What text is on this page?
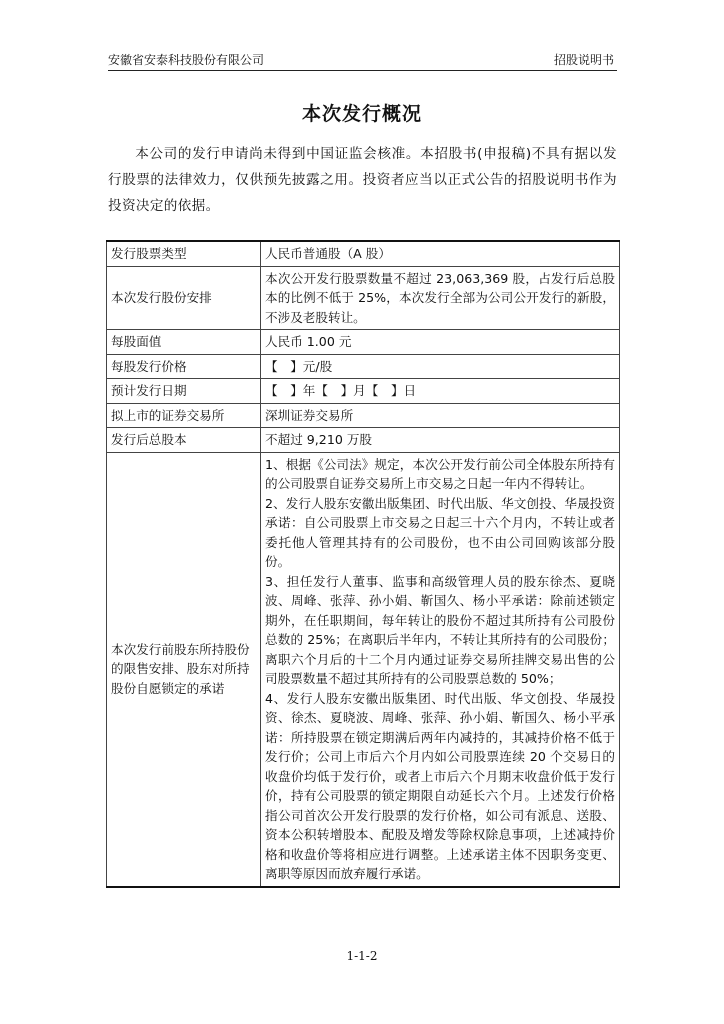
安徽省安泰科技股份有限公司	招股说明书
本次发行概况

本公司的发行申请尚未得到中国证监会核准。本招股书(申报稿)不具有据以发行股票的法律效力，仅供预先披露之用。投资者应当以正式公告的招股说明书作为投资决定的依据。

发行股票类型	人民币普通股（A 股）
本次发行股份安排	本次公开发行股票数量不超过 23,063,369 股，占发行后总股本的比例不低于 25%，本次发行全部为公司公开发行的新股，不涉及老股转让。
每股面值	人民币 1.00 元
每股发行价格	【　】元/股
预计发行日期	【　】年【　】月【　】日
拟上市的证券交易所	深圳证券交易所
发行后总股本	不超过 9,210 万股
本次发行前股东所持股份的限售安排、股东对所持股份自愿锁定的承诺	1、根据《公司法》规定，本次公开发行前公司全体股东所持有的公司股票自证券交易所上市交易之日起一年内不得转让。
2、发行人股东安徽出版集团、时代出版、华文创投、华晟投资承诺：自公司股票上市交易之日起三十六个月内，不转让或者委托他人管理其持有的公司股份，也不由公司回购该部分股份。
3、担任发行人董事、监事和高级管理人员的股东徐杰、夏晓波、周峰、张萍、孙小娟、靳国久、杨小平承诺：除前述锁定期外，在任职期间，每年转让的股份不超过其所持有公司股份总数的 25%；在离职后半年内，不转让其所持有的公司股份；离职六个月后的十二个月内通过证券交易所挂牌交易出售的公司股票数量不超过其所持有的公司股票总数的 50%；
4、发行人股东安徽出版集团、时代出版、华文创投、华晟投资、徐杰、夏晓波、周峰、张萍、孙小娟、靳国久、杨小平承诺：所持股票在锁定期满后两年内减持的，其减持价格不低于发行价；公司上市后六个月内如公司股票连续 20 个交易日的收盘价均低于发行价，或者上市后六个月期末收盘价低于发行价，持有公司股票的锁定期限自动延长六个月。上述发行价格指公司首次公开发行股票的发行价格，如公司有派息、送股、资本公积转增股本、配股及增发等除权除息事项，上述减持价格和收盘价等将相应进行调整。上述承诺主体不因职务变更、离职等原因而放弃履行承诺。
1-1-2
